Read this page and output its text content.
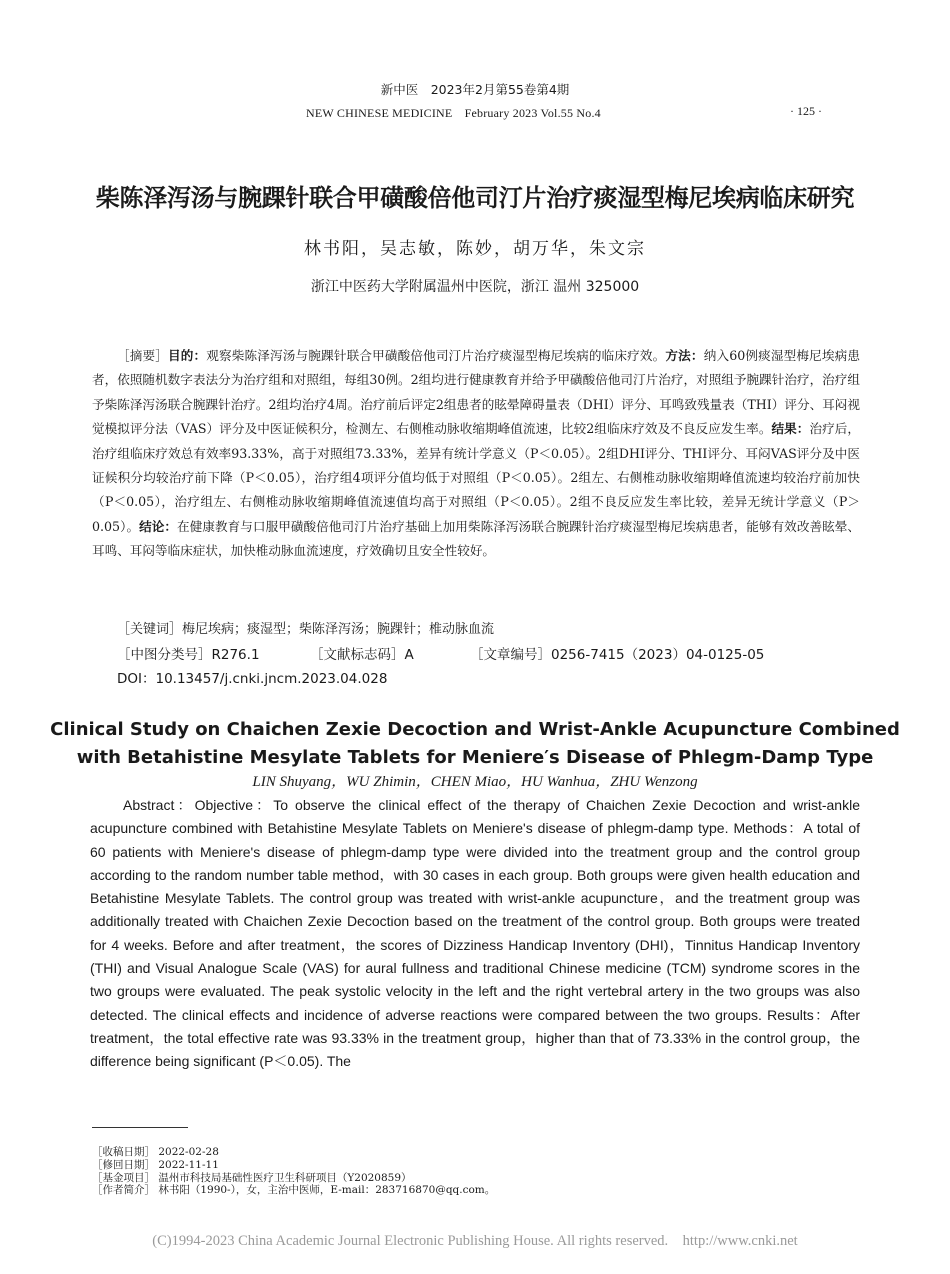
新中医　2023年2月第55卷第4期
NEW CHINESE MEDICINE　February 2023 Vol.55 No.4	· 125 ·
柴陈泽泻汤与腕踝针联合甲磺酸倍他司汀片治疗痰湿型梅尼埃病临床研究
林书阳，吴志敏，陈妙，胡万华，朱文宗
浙江中医药大学附属温州中医院，浙江 温州 325000
［摘要］目的：观察柴陈泽泻汤与腕踝针联合甲磺酸倍他司汀片治疗痰湿型梅尼埃病的临床疗效。方法：纳入60例痰湿型梅尼埃病患者，依照随机数字表法分为治疗组和对照组，每组30例。2组均进行健康教育并给予甲磺酸倍他司汀片治疗，对照组予腕踝针治疗，治疗组予柴陈泽泻汤联合腕踝针治疗。2组均治疗4周。治疗前后评定2组患者的眩晕障碍量表（DHI）评分、耳鸣致残量表（THI）评分、耳闷视觉模拟评分法（VAS）评分及中医证候积分，检测左、右侧椎动脉收缩期峰值流速，比较2组临床疗效及不良反应发生率。结果：治疗后，治疗组临床疗效总有效率93.33%，高于对照组73.33%，差异有统计学意义（P＜0.05）。2组DHI评分、THI评分、耳闷VAS评分及中医证候积分均较治疗前下降（P＜0.05），治疗组4项评分值均低于对照组（P＜0.05）。2组左、右侧椎动脉收缩期峰值流速均较治疗前加快（P＜0.05），治疗组左、右侧椎动脉收缩期峰值流速值均高于对照组（P＜0.05）。2组不良反应发生率比较，差异无统计学意义（P＞0.05）。结论：在健康教育与口服甲磺酸倍他司汀片治疗基础上加用柴陈泽泻汤联合腕踝针治疗痰湿型梅尼埃病患者，能够有效改善眩晕、耳鸣、耳闷等临床症状，加快椎动脉血流速度，疗效确切且安全性较好。
［关键词］梅尼埃病；痰湿型；柴陈泽泻汤；腕踝针；椎动脉血流
［中图分类号］R276.1	［文献标志码］A	［文章编号］0256-7415（2023）04-0125-05
DOI：10.13457/j.cnki.jncm.2023.04.028
Clinical Study on Chaichen Zexie Decoction and Wrist-Ankle Acupuncture Combined
with Betahistine Mesylate Tablets for Meniere′s Disease of Phlegm-Damp Type
LIN Shuyang，WU Zhimin，CHEN Miao，HU Wanhua，ZHU Wenzong
Abstract：Objective：To observe the clinical effect of the therapy of Chaichen Zexie Decoction and wrist-ankle acupuncture combined with Betahistine Mesylate Tablets on Meniere's disease of phlegm-damp type. Methods：A total of 60 patients with Meniere's disease of phlegm-damp type were divided into the treatment group and the control group according to the random number table method，with 30 cases in each group. Both groups were given health education and Betahistine Mesylate Tablets. The control group was treated with wrist-ankle acupuncture，and the treatment group was additionally treated with Chaichen Zexie Decoction based on the treatment of the control group. Both groups were treated for 4 weeks. Before and after treatment，the scores of Dizziness Handicap Inventory (DHI)，Tinnitus Handicap Inventory (THI) and Visual Analogue Scale (VAS) for aural fullness and traditional Chinese medicine (TCM) syndrome scores in the two groups were evaluated. The peak systolic velocity in the left and the right vertebral artery in the two groups was also detected. The clinical effects and incidence of adverse reactions were compared between the two groups. Results：After treatment，the total effective rate was 93.33% in the treatment group，higher than that of 73.33% in the control group，the difference being significant (P＜0.05). The
［收稿日期］ 2022-02-28
［修回日期］ 2022-11-11
［基金项目］ 温州市科技局基础性医疗卫生科研项目（Y2020859）
［作者简介］ 林书阳（1990-），女，主治中医师，E-mail：283716870@qq.com。
(C)1994-2023 China Academic Journal Electronic Publishing House. All rights reserved.　http://www.cnki.net
